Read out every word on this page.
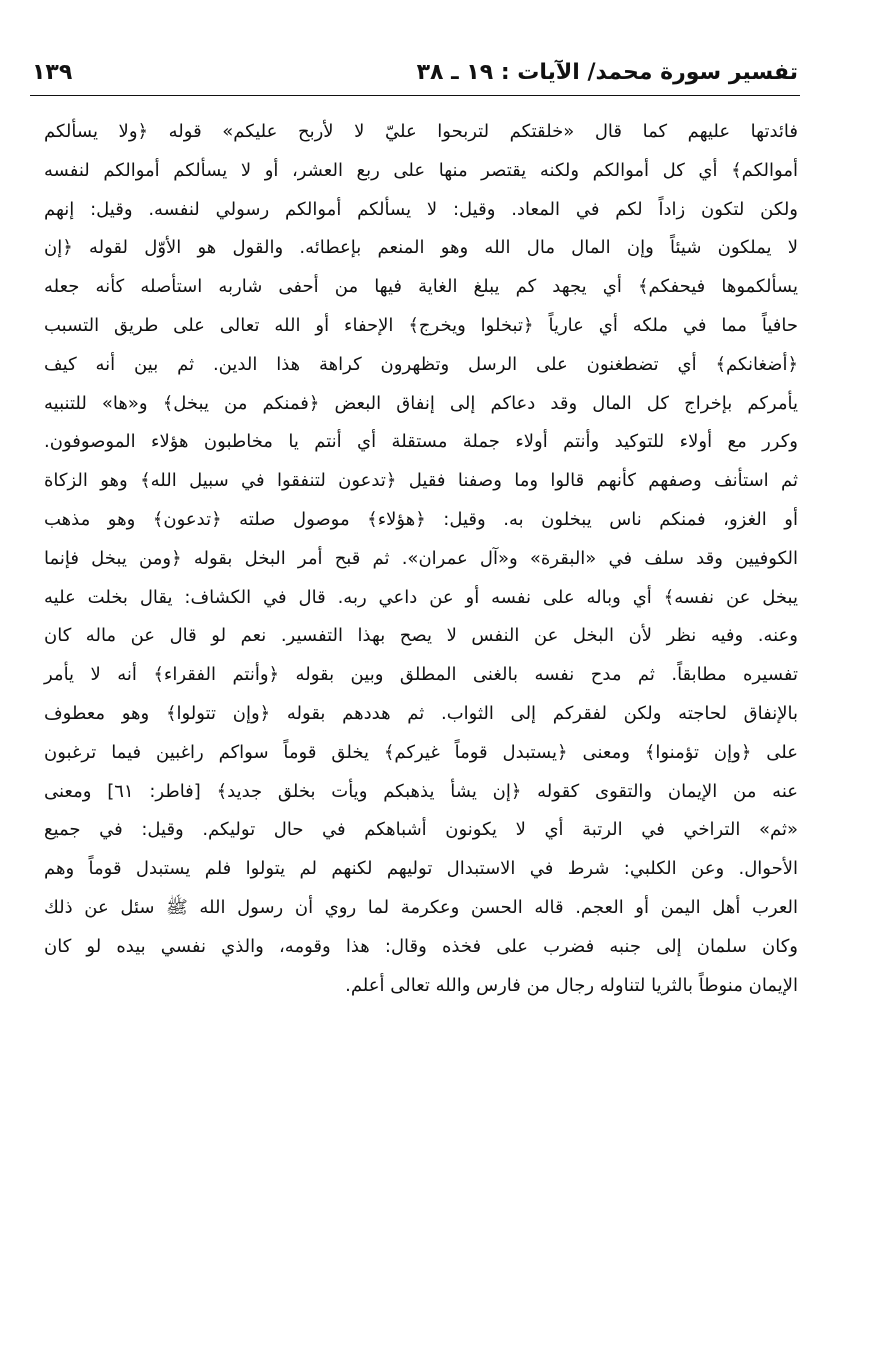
تفسير سورة محمد/ الآيات : ١٩ ـ ٣٨
١٣٩
فائدتها عليهم كما قال «خلقتكم لتربحوا عليّ لا لأربح عليكم» قوله ﴿ولا يسألكم
أموالكم﴾ أي كل أموالكم ولكنه يقتصر منها على ربع العشر، أو لا يسألكم أموالكم لنفسه
ولكن لتكون زاداً لكم في المعاد. وقيل: لا يسألكم أموالكم رسولي لنفسه. وقيل: إنهم
لا يملكون شيئاً وإن المال مال الله وهو المنعم بإعطائه. والقول هو الأوّل لقوله ﴿إن
يسألكموها فيحفكم﴾ أي يجهد كم يبلغ الغاية فيها من أحفى شاربه استأصله كأنه جعله
حافياً مما في ملكه أي عارياً ﴿تبخلوا ويخرج﴾ الإحفاء أو الله تعالى على طريق التسبب
﴿أضغانكم﴾ أي تضطغنون على الرسل وتظهرون كراهة هذا الدين. ثم بين أنه كيف
يأمركم بإخراج كل المال وقد دعاكم إلى إنفاق البعض ﴿فمنكم من يبخل﴾ و«ها» للتنبيه
وكرر مع أولاء للتوكيد وأنتم أولاء جملة مستقلة أي أنتم يا مخاطبون هؤلاء الموصوفون.
ثم استأنف وصفهم كأنهم قالوا وما وصفنا فقيل ﴿تدعون لتنفقوا في سبيل الله﴾ وهو الزكاة
أو الغزو، فمنكم ناس يبخلون به. وقيل: ﴿هؤلاء﴾ موصول صلته ﴿تدعون﴾ وهو مذهب
الكوفيين وقد سلف في «البقرة» و«آل عمران». ثم قبح أمر البخل بقوله ﴿ومن يبخل فإنما
يبخل عن نفسه﴾ أي وباله على نفسه أو عن داعي ربه. قال في الكشاف: يقال بخلت عليه
وعنه. وفيه نظر لأن البخل عن النفس لا يصح بهذا التفسير. نعم لو قال عن ماله كان
تفسيره مطابقاً. ثم مدح نفسه بالغنى المطلق وبين بقوله ﴿وأنتم الفقراء﴾ أنه لا يأمر
بالإنفاق لحاجته ولكن لفقركم إلى الثواب. ثم هددهم بقوله ﴿وإن تتولوا﴾ وهو معطوف
على ﴿وإن تؤمنوا﴾ ومعنى ﴿يستبدل قوماً غيركم﴾ يخلق قوماً سواكم راغبين فيما ترغبون
عنه من الإيمان والتقوى كقوله ﴿إن يشأ يذهبكم ويأت بخلق جديد﴾ [فاطر: ٦١] ومعنى
«ثم» التراخي في الرتبة أي لا يكونون أشباهكم في حال توليكم. وقيل: في جميع
الأحوال. وعن الكلبي: شرط في الاستبدال توليهم لكنهم لم يتولوا فلم يستبدل قوماً وهم
العرب أهل اليمن أو العجم. قاله الحسن وعكرمة لما روي أن رسول الله ﷺ سئل عن ذلك
وكان سلمان إلى جنبه فضرب على فخذه وقال: هذا وقومه، والذي نفسي بيده لو كان
الإيمان منوطاً بالثريا لتناوله رجال من فارس والله تعالى أعلم.
